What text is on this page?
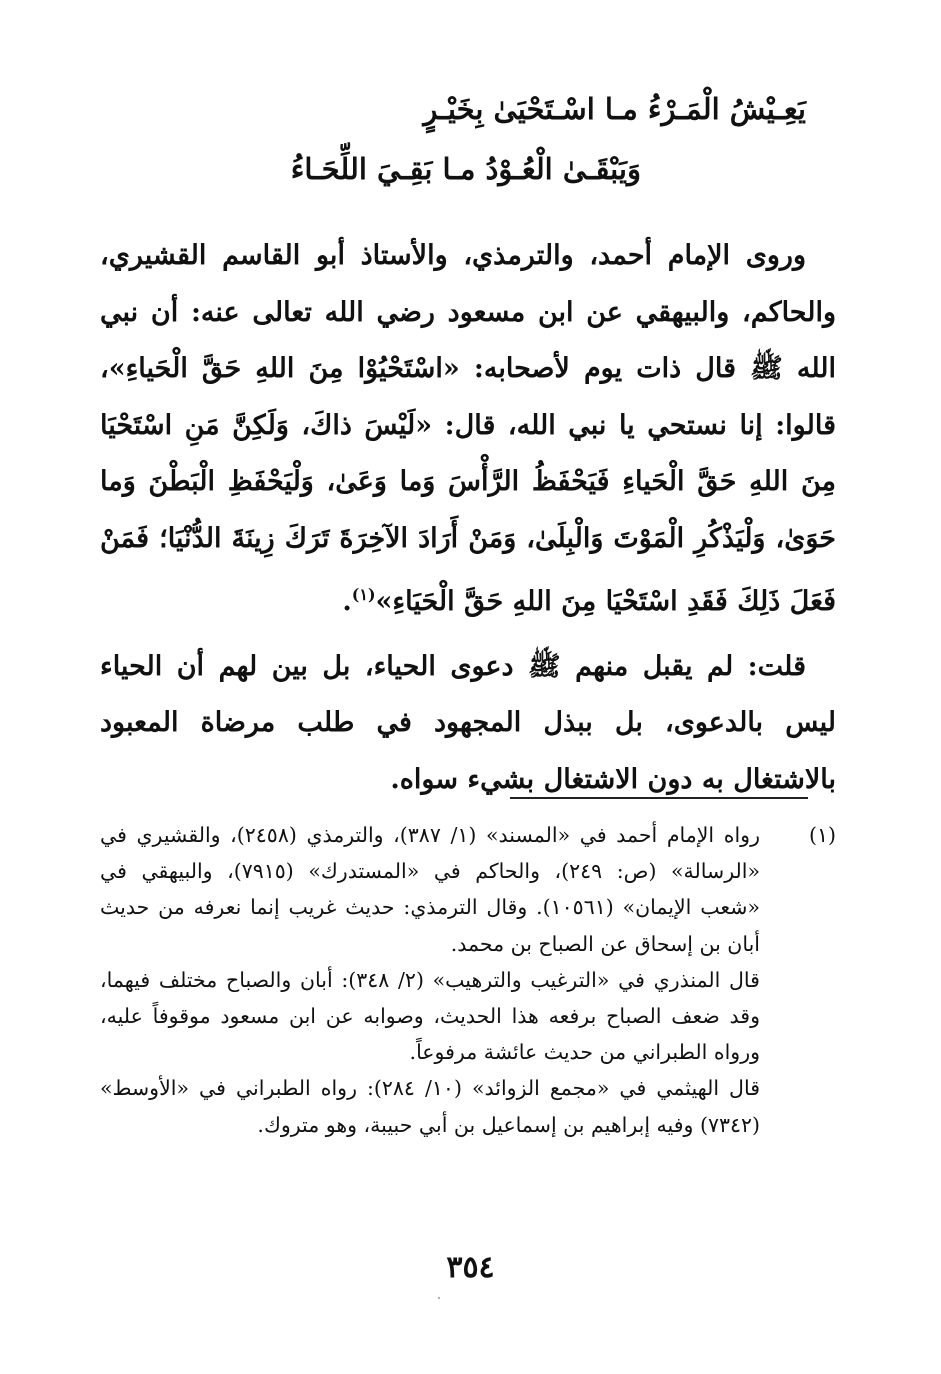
يَعِـيْشُ الْمَـرْءُ مـا اسْـتَحْيَىٰ بِخَيْـرٍ
وَيَبْقَـىٰ الْعُـوْدُ مـا بَقِـيَ اللِّحَـاءُ

وروى الإمام أحمد، والترمذي، والأستاذ أبو القاسم القشيري، والحاكم، والبيهقي عن ابن مسعود رضي الله تعالى عنه: أن نبي الله ﷺ قال ذات يوم لأصحابه: «اسْتَحْيُوْا مِنَ اللهِ حَقَّ الْحَياءِ»، قالوا: إنا نستحي يا نبي الله، قال: «لَيْسَ ذاكَ، وَلَكِنَّ مَنِ اسْتَحْيَا مِنَ اللهِ حَقَّ الْحَياءِ فَيَحْفَظُ الرَّأْسَ وَما وَعَىٰ، وَلْيَحْفَظِ الْبَطْنَ وَما حَوَىٰ، وَلْيَذْكُرِ الْمَوْتَ وَالْبِلَىٰ، وَمَنْ أَرَادَ الآخِرَةَ تَرَكَ زِينَةَ الدُّنْيَا؛ فَمَنْ فَعَلَ ذَلِكَ فَقَدِ اسْتَحْيَا مِنَ اللهِ حَقَّ الْحَيَاءِ»$^{(١)}$.

قلت: لم يقبل منهم ﷺ دعوى الحياء، بل بين لهم أن الحياء ليس بالدعوى، بل ببذل المجهود في طلب مرضاة المعبود بالاشتغال به دون الاشتغال بشيء سواه.

(١)
رواه الإمام أحمد في «المسند» (١/ ٣٨٧)، والترمذي (٢٤٥٨)، والقشيري في «الرسالة» (ص: ٢٤٩)، والحاكم في «المستدرك» (٧٩١٥)، والبيهقي في «شعب الإيمان» (١٠٥٦١). وقال الترمذي: حديث غريب إنما نعرفه من حديث أبان بن إسحاق عن الصباح بن محمد.
قال المنذري في «الترغيب والترهيب» (٢/ ٣٤٨): أبان والصباح مختلف فيهما، وقد ضعف الصباح برفعه هذا الحديث، وصوابه عن ابن مسعود موقوفاً عليه، ورواه الطبراني من حديث عائشة مرفوعاً.
قال الهيثمي في «مجمع الزوائد» (١٠/ ٢٨٤): رواه الطبراني في «الأوسط» (٧٣٤٢) وفيه إبراهيم بن إسماعيل بن أبي حبيبة، وهو متروك.
٣٥٤
